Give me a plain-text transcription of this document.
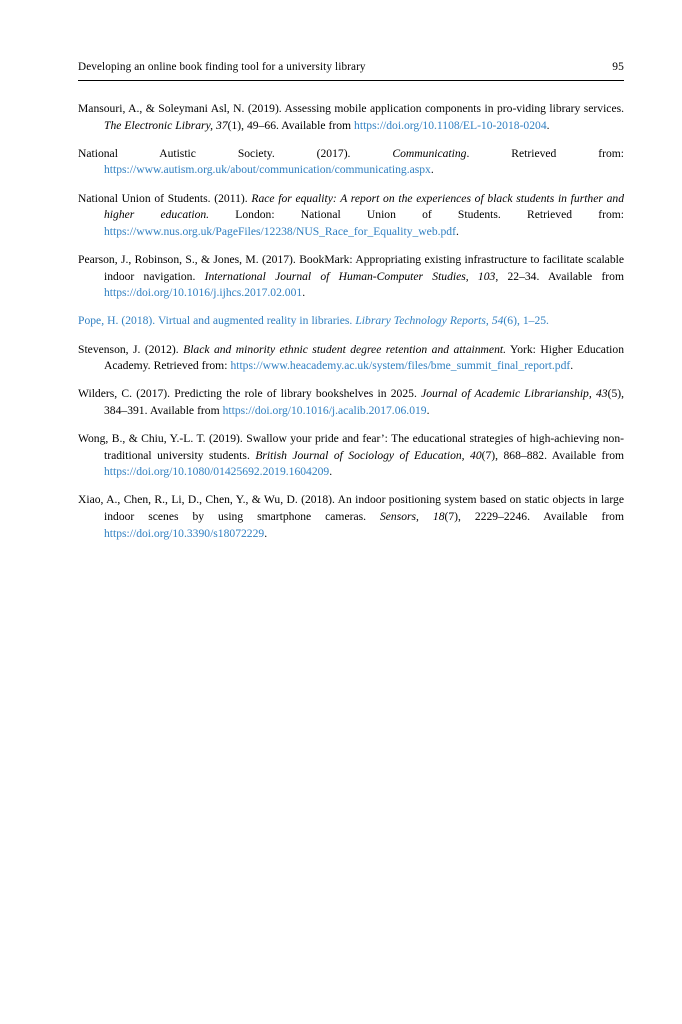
Developing an online book finding tool for a university library	95

Mansouri, A., & Soleymani Asl, N. (2019). Assessing mobile application components in pro-viding library services. The Electronic Library, 37(1), 49‒66. Available from https://doi.org/10.1108/EL-10-2018-0204.

National Autistic Society. (2017). Communicating. Retrieved from: https://www.autism.org.uk/about/communication/communicating.aspx.

National Union of Students. (2011). Race for equality: A report on the experiences of black students in further and higher education. London: National Union of Students. Retrieved from: https://www.nus.org.uk/PageFiles/12238/NUS_Race_for_Equality_web.pdf.

Pearson, J., Robinson, S., & Jones, M. (2017). BookMark: Appropriating existing infrastructure to facilitate scalable indoor navigation. International Journal of Human-Computer Studies, 103, 22‒34. Available from https://doi.org/10.1016/j.ijhcs.2017.02.001.

Pope, H. (2018). Virtual and augmented reality in libraries. Library Technology Reports, 54(6), 1‒25.

Stevenson, J. (2012). Black and minority ethnic student degree retention and attainment. York: Higher Education Academy. Retrieved from: https://www.heacademy.ac.uk/system/files/bme_summit_final_report.pdf.

Wilders, C. (2017). Predicting the role of library bookshelves in 2025. Journal of Academic Librarianship, 43(5), 384‒391. Available from https://doi.org/10.1016/j.acalib.2017.06.019.

Wong, B., & Chiu, Y.-L. T. (2019). Swallow your pride and fear’: The educational strategies of high-achieving non-traditional university students. British Journal of Sociology of Education, 40(7), 868‒882. Available from https://doi.org/10.1080/01425692.2019.1604209.

Xiao, A., Chen, R., Li, D., Chen, Y., & Wu, D. (2018). An indoor positioning system based on static objects in large indoor scenes by using smartphone cameras. Sensors, 18(7), 2229‒2246. Available from https://doi.org/10.3390/s18072229.
